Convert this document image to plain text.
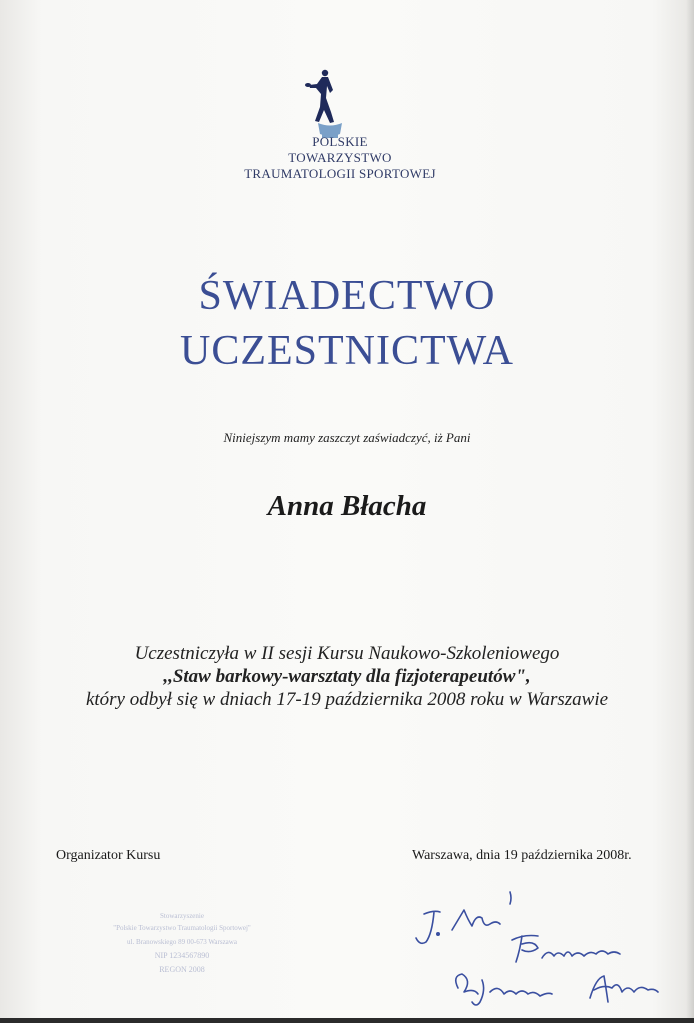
POLSKIE
TOWARZYSTWO
TRAUMATOLOGII SPORTOWEJ
ŚWIADECTWO
UCZESTNICTWA
Niniejszym mamy zaszczyt zaświadczyć, iż Pani
Anna Błacha
Uczestniczyła w II sesji Kursu Naukowo-Szkoleniowego
,,Staw barkowy-warsztaty dla fizjoterapeutów",
który odbył się w dniach 17-19 października 2008 roku w Warszawie
Organizator Kursu	Warszawa, dnia 19 października 2008r.
Stowarzyszenie
"Polskie Towarzystwo Traumatologii Sportowej"
ul. Branowskiego 89 00-673 Warszawa
NIP 1234567890
REGON 2008
